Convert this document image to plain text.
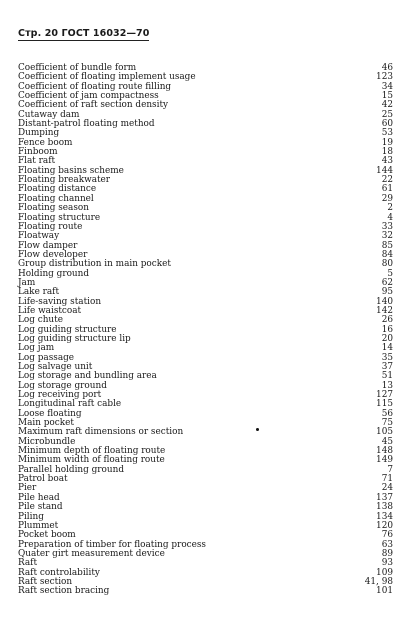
Стр. 20 ГОСТ 16032—70
Coefficient of bundle form	46
Coefficient of floating implement usage	123
Coefficient of floating route filling	34
Coefficient of jam compactness	15
Coefficient of raft section density	42
Cutaway dam	25
Distant-patrol floating method	60
Dumping	53
Fence boom	19
Finboom	18
Flat raft	43
Floating basins scheme	144
Floating breakwater	22
Floating distance	61
Floating channel	29
Floating season	2
Floating structure	4
Floating route	33
Floatway	32
Flow damper	85
Flow developer	84
Group distribution in main pocket	80
Holding ground	5
Jam	62
Lake raft	95
Life-saving station	140
Life waistcoat	142
Log chute	26
Log guiding structure	16
Log guiding structure lip	20
Log jam	14
Log passage	35
Log salvage unit	37
Log storage and bundling area	51
Log storage ground	13
Log receiving port	127
Longitudinal raft cable	115
Loose floating	56
Main pocket	75
Maximum raft dimensions or section	105
Microbundle	45
Minimum depth of floating route	148
Minimum width of floating route	149
Parallel holding ground	7
Patrol boat	71
Pier	24
Pile head	137
Pile stand	138
Piling	134
Plummet	120
Pocket boom	76
Preparation of timber for floating process	63
Quater girt measurement device	89
Raft	93
Raft controlability	109
Raft section	41, 98
Raft section bracing	101
